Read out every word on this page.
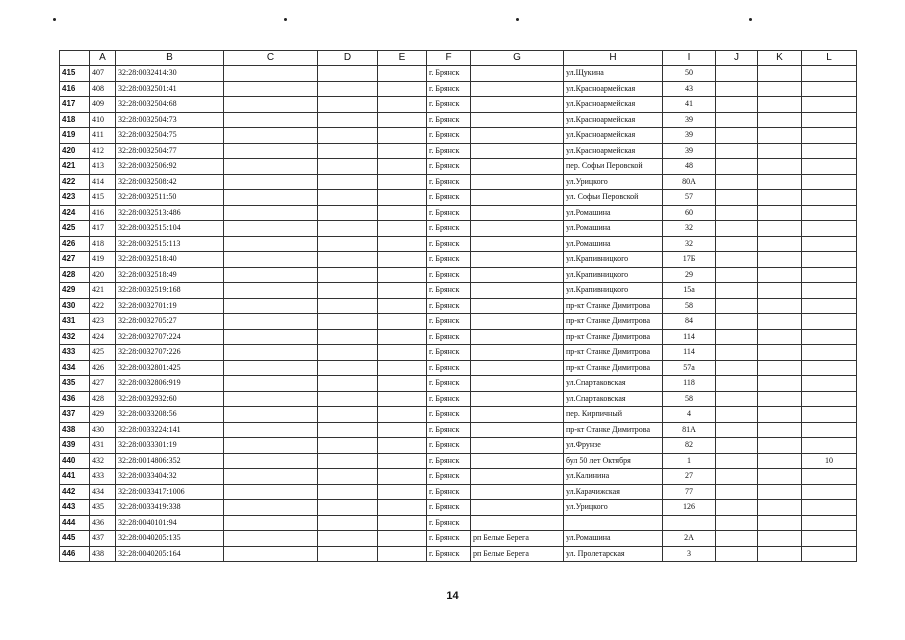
	A	B	C	D	E	F	G	H	I	J	K	L
415	407	32:28:0032414:30				г. Брянск		ул.Щукина	50			
416	408	32:28:0032501:41				г. Брянск		ул.Красноармейская	43			
417	409	32:28:0032504:68				г. Брянск		ул.Красноармейская	41			
418	410	32:28:0032504:73				г. Брянск		ул.Красноармейская	39			
419	411	32:28:0032504:75				г. Брянск		ул.Красноармейская	39			
420	412	32:28:0032504:77				г. Брянск		ул.Красноармейская	39			
421	413	32:28:0032506:92				г. Брянск		пер. Софьи Перовской	48			
422	414	32:28:0032508:42				г. Брянск		ул.Урицкого	80А			
423	415	32:28:0032511:50				г. Брянск		ул. Софьи Перовской	57			
424	416	32:28:0032513:486				г. Брянск		ул.Ромашина	60			
425	417	32:28:0032515:104				г. Брянск		ул.Ромашина	32			
426	418	32:28:0032515:113				г. Брянск		ул.Ромашина	32			
427	419	32:28:0032518:40				г. Брянск		ул.Крапивницкого	17Б			
428	420	32:28:0032518:49				г. Брянск		ул.Крапивницкого	29			
429	421	32:28:0032519:168				г. Брянск		ул.Крапивницкого	15а			
430	422	32:28:0032701:19				г. Брянск		пр-кт Станке Димитрова	58			
431	423	32:28:0032705:27				г. Брянск		пр-кт Станке Димитрова	84			
432	424	32:28:0032707:224				г. Брянск		пр-кт Станке Димитрова	114			
433	425	32:28:0032707:226				г. Брянск		пр-кт Станке Димитрова	114			
434	426	32:28:0032801:425				г. Брянск		пр-кт Станке Димитрова	57а			
435	427	32:28:0032806:919				г. Брянск		ул.Спартаковская	118			
436	428	32:28:0032932:60				г. Брянск		ул.Спартаковская	58			
437	429	32:28:0033208:56				г. Брянск		пер. Кирпичный	4			
438	430	32:28:0033224:141				г. Брянск		пр-кт Станке Димитрова	81А			
439	431	32:28:0033301:19				г. Брянск		ул.Фрунзе	82			
440	432	32:28:0014806:352				г. Брянск		бул 50 лет Октября	1			10
441	433	32:28:0033404:32				г. Брянск		ул.Калинина	27			
442	434	32:28:0033417:1006				г. Брянск		ул.Карачижская	77			
443	435	32:28:0033419:338				г. Брянск		ул.Урицкого	126			
444	436	32:28:0040101:94				г. Брянск						
445	437	32:28:0040205:135				г. Брянск	рп Белые Берега	ул.Ромашина	2А			
446	438	32:28:0040205:164				г. Брянск	рп Белые Берега	ул. Пролетарская	3			
14
